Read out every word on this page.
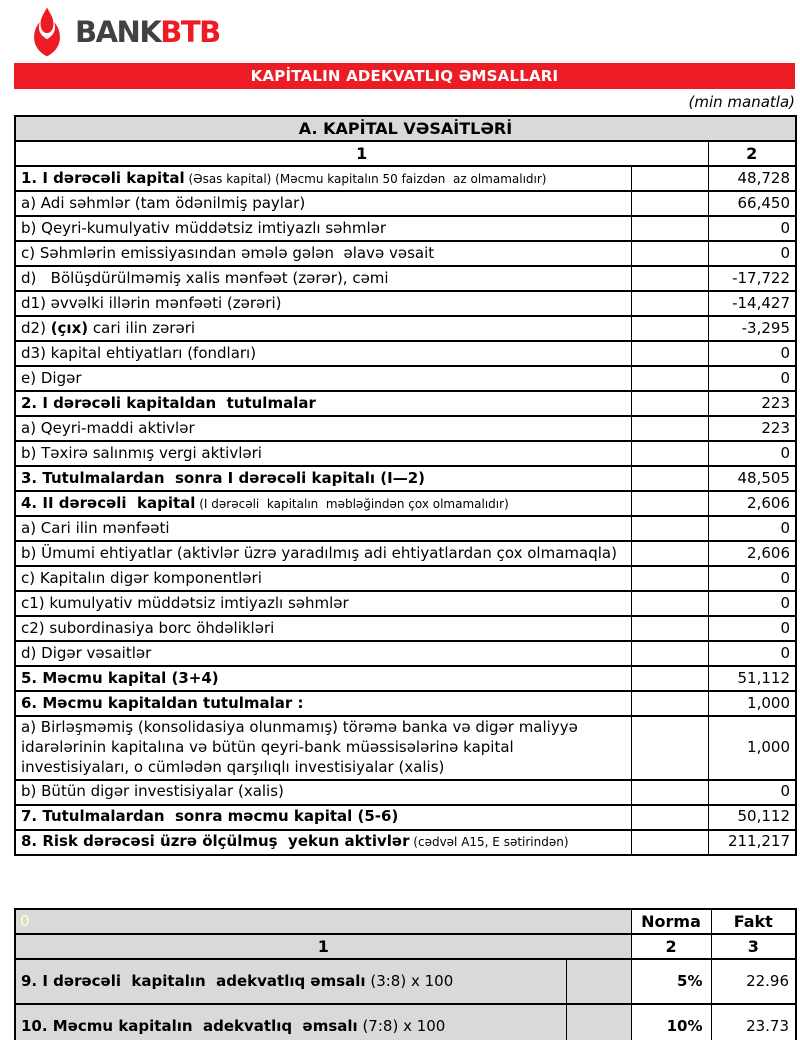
BANKBTB
KAPİTALIN ADEKVATLIQ ƏMSALLARI
(min manatla)
A. KAPİTAL VƏSAİTLƏRİ		
1		2
1. I dərəcəli kapital (Əsas kapital) (Məcmu kapitalın 50 faizdən  az olmamalıdır)		48,728
a) Adi səhmlər (tam ödənilmiş paylar)		66,450
b) Qeyri-kumulyativ müddətsiz imtiyazlı səhmlər		0
c) Səhmlərin emissiyasından əmələ gələn  əlavə vəsait		0
d)   Bölüşdürülməmiş xalis mənfəət (zərər), cəmi		-17,722
d1) əvvəlki illərin mənfəəti (zərəri)		-14,427
d2) (çıx) cari ilin zərəri		-3,295
d3) kapital ehtiyatları (fondları)		0
e) Digər		0
2. I dərəcəli kapitaldan  tutulmalar		223
a) Qeyri-maddi aktivlər		223
b) Təxirə salınmış vergi aktivləri		0
3. Tutulmalardan  sonra I dərəcəli kapitalı (I—2)		48,505
4. II dərəcəli  kapital (I dərəcəli  kapitalın  məbləğindən çox olmamalıdır)		2,606
a) Cari ilin mənfəəti		0
b) Ümumi ehtiyatlar (aktivlər üzrə yaradılmış adi ehtiyatlardan çox olmamaqla)		2,606
c) Kapitalın digər komponentləri		0
c1) kumulyativ müddətsiz imtiyazlı səhmlər		0
c2) subordinasiya borc öhdəlikləri		0
d) Digər vəsaitlər		0
5. Məcmu kapital (3+4)		51,112
6. Məcmu kapitaldan tutulmalar :		1,000
a) Birləşməmiş (konsolidasiya olunmamış) törəmə banka və digər maliyyə idarələrinin kapitalına və bütün qeyri-bank müəssisələrinə kapital investisiyaları, o cümlədən qarşılıqlı investisiyalar (xalis)		1,000
b) Bütün digər investisiyalar (xalis)		0
7. Tutulmalardan  sonra məcmu kapital (5-6)		50,112
8. Risk dərəcəsi üzrə ölçülmuş  yekun aktivlər (cədvəl A15, E sətirindən)		211,217
0		Norma	Fakt
1		2	3
9. I dərəcəli  kapitalın  adekvatlıq əmsalı (3:8) x 100		5%	22.96
10. Məcmu kapitalın  adekvatlıq  əmsalı (7:8) x 100		10%	23.73
